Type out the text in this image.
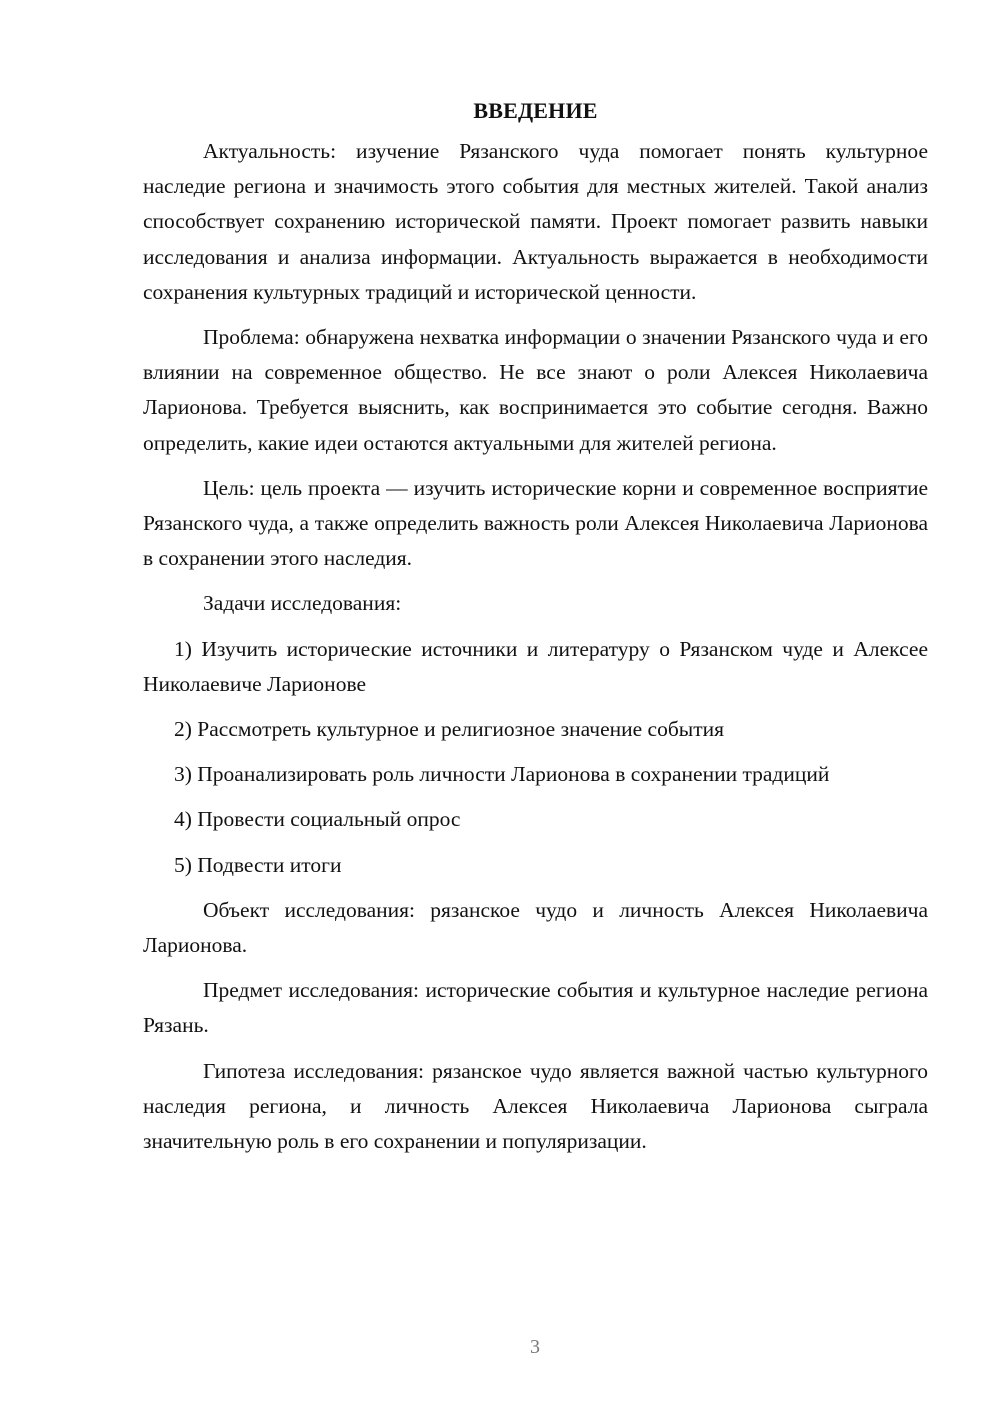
ВВЕДЕНИЕ

Актуальность: изучение Рязанского чуда помогает понять культурное наследие региона и значимость этого события для местных жителей. Такой анализ способствует сохранению исторической памяти. Проект помогает развить навыки исследования и анализа информации. Актуальность выражается в необходимости сохранения культурных традиций и исторической ценности.

Проблема: обнаружена нехватка информации о значении Рязанского чуда и его влиянии на современное общество. Не все знают о роли Алексея Николаевича Ларионова. Требуется выяснить, как воспринимается это событие сегодня. Важно определить, какие идеи остаются актуальными для жителей региона.

Цель: цель проекта — изучить исторические корни и современное восприятие Рязанского чуда, а также определить важность роли Алексея Николаевича Ларионова в сохранении этого наследия.

Задачи исследования:

1) Изучить исторические источники и литературу о Рязанском чуде и Алексее Николаевиче Ларионове

2) Рассмотреть культурное и религиозное значение события

3) Проанализировать роль личности Ларионова в сохранении традиций

4) Провести социальный опрос

5) Подвести итоги

Объект исследования: рязанское чудо и личность Алексея Николаевича Ларионова.

Предмет исследования: исторические события и культурное наследие региона Рязань.

Гипотеза исследования: рязанское чудо является важной частью культурного наследия региона, и личность Алексея Николаевича Ларионова сыграла значительную роль в его сохранении и популяризации.

3
